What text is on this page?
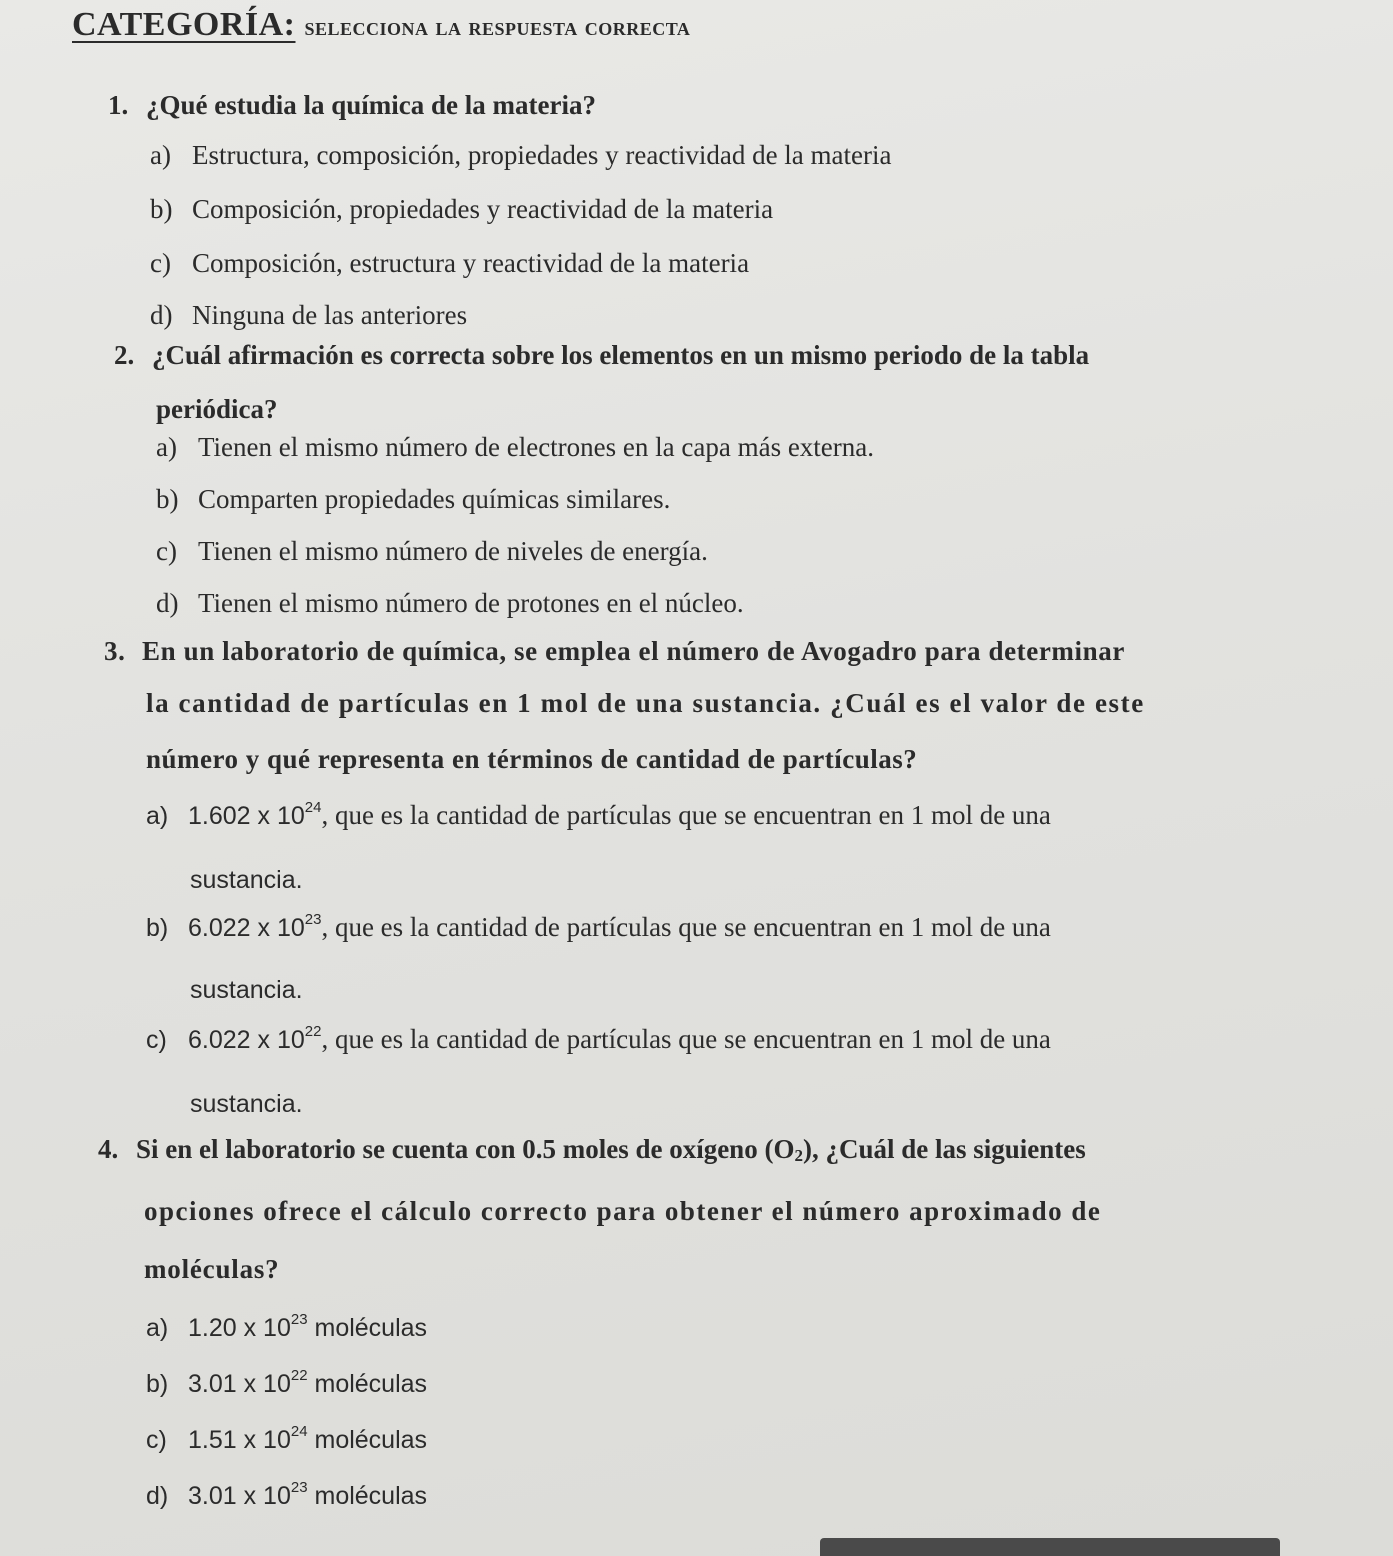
CATEGORÍA: selecciona la respuesta correcta
1. ¿Qué estudia la química de la materia?
a) Estructura, composición, propiedades y reactividad de la materia
b) Composición, propiedades y reactividad de la materia
c) Composición, estructura y reactividad de la materia
d) Ninguna de las anteriores
2. ¿Cuál afirmación es correcta sobre los elementos en un mismo periodo de la tabla
periódica?
a) Tienen el mismo número de electrones en la capa más externa.
b) Comparten propiedades químicas similares.
c) Tienen el mismo número de niveles de energía.
d) Tienen el mismo número de protones en el núcleo.
3. En un laboratorio de química, se emplea el número de Avogadro para determinar
la cantidad de partículas en 1 mol de una sustancia. ¿Cuál es el valor de este
número y qué representa en términos de cantidad de partículas?
a) 1.602 x $10^{24}$, que es la cantidad de partículas que se encuentran en 1 mol de una
sustancia.
b) 6.022 x $10^{23}$, que es la cantidad de partículas que se encuentran en 1 mol de una
sustancia.
c) 6.022 x $10^{22}$, que es la cantidad de partículas que se encuentran en 1 mol de una
sustancia.
4. Si en el laboratorio se cuenta con 0.5 moles de oxígeno (O2), ¿Cuál de las siguientes
opciones ofrece el cálculo correcto para obtener el número aproximado de
moléculas?
a) 1.20 x $10^{23}$ moléculas
b) 3.01 x $10^{22}$ moléculas
c) 1.51 x $10^{24}$ moléculas
d) 3.01 x $10^{23}$ moléculas
